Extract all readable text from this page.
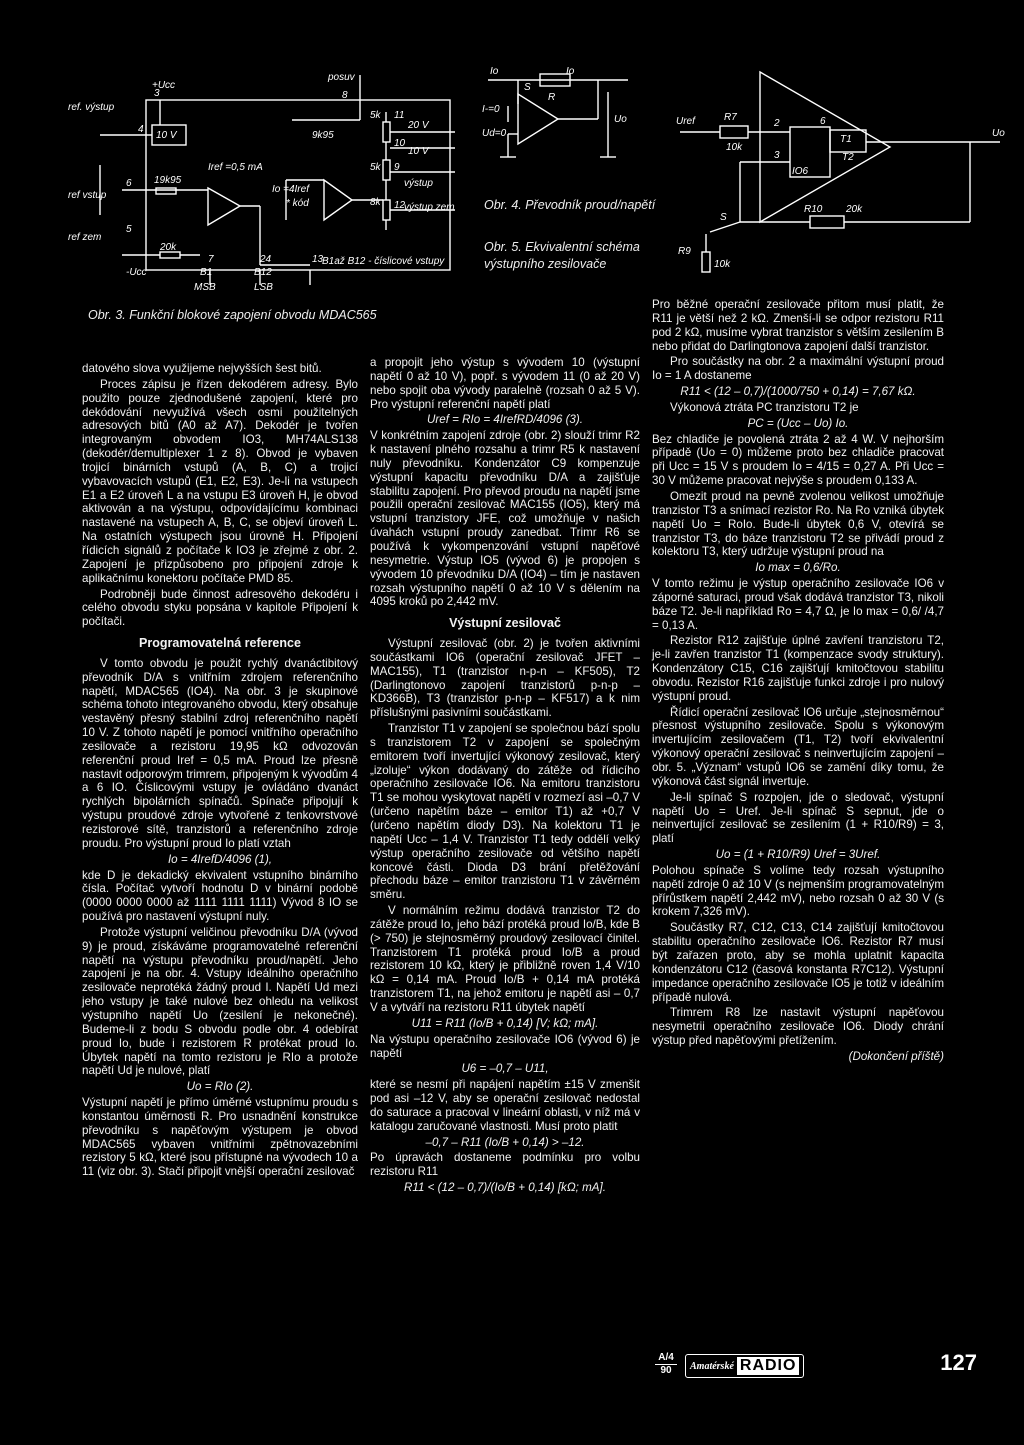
ref. výstup
ref vstup
ref zem
+Ucc
posuv
10 V
19k95
9k95
5k
5k
8k
20k
Iref =0,5 mA
Io =4Iref
* kód
20 V
10 V
výstup
výstup zem
-Ucc	B1	B12
MSB	LSB
B1až B12 - číslicové vstupy
3
4
6
5
7	24	13
8
11
10
9
12
Obr. 3. Funkční blokové zapojení obvodu MDAC565
Io	Io
S
R
I-=0
Ud=0
Uo
Obr. 4. Převodník proud/napětí
Obr. 5. Ekvivalentní schéma
výstupního zesilovače
Uref	R7
10k
IO6
T1
T2
Uo
S
R9
10k
R10 20k
2
3
6

datového slova využijeme nejvyšších šest bitů.

Proces zápisu je řízen dekodérem adresy. Bylo použito pouze zjednodušené zapojení, které pro dekódování nevyužívá všech osmi použitelných adresových bitů (A0 až A7). Dekodér je tvořen integrovaným obvodem IO3, MH74ALS138 (dekodér/demultiplexer 1 z 8). Obvod je vybaven trojicí binárních vstupů (A, B, C) a trojicí vybavovacích vstupů (E1, E2, E3). Je-li na vstupech E1 a E2 úroveň L a na vstupu E3 úroveň H, je obvod aktivován a na výstupu, odpovídajícímu kombinaci nastavené na vstupech A, B, C, se objeví úroveň L. Na ostatních výstupech jsou úrovně H. Připojení řídicích signálů z počítače k IO3 je zřejmé z obr. 2. Zapojení je přizpůsobeno pro připojení zdroje k aplikačnímu konektoru počítače PMD 85.

Podrobněji bude činnost adresového dekodéru i celého obvodu styku popsána v kapitole Připojení k počítači.

Programovatelná reference

V tomto obvodu je použit rychlý dvanáctibitový převodník D/A s vnitřním zdrojem referenčního napětí, MDAC565 (IO4). Na obr. 3 je skupinové schéma tohoto integrovaného obvodu, který obsahuje vestavěný přesný stabilní zdroj referenčního napětí 10 V. Z tohoto napětí je pomocí vnitřního operačního zesilovače a rezistoru 19,95 kΩ odvozován referenční proud Iref = 0,5 mA. Proud lze přesně nastavit odporovým trimrem, připojeným k vývodům 4 a 6 IO. Číslicovými vstupy je ovládáno dvanáct rychlých bipolárních spínačů. Spínače připojují k výstupu proudové zdroje vytvořené z tenkovrstvové rezistorové sítě, tranzistorů a referenčního zdroje proudu. Pro výstupní proud Io platí vztah

Io = 4IrefD/4096 (1),

kde D je dekadický ekvivalent vstupního binárního čísla. Počítač vytvoří hodnotu D v binární podobě (0000 0000 0000 až 1111 1111 1111) Vývod 8 IO se používá pro nastavení výstupní nuly.

Protože výstupní veličinou převodníku D/A (vývod 9) je proud, získáváme programovatelné referenční napětí na výstupu převodníku proud/napětí. Jeho zapojení je na obr. 4. Vstupy ideálního operačního zesilovače neprotéká žádný proud I. Napětí Ud mezi jeho vstupy je také nulové bez ohledu na velikost výstupního napětí Uo (zesilení je nekonečné). Budeme-li z bodu S obvodu podle obr. 4 odebírat proud Io, bude i rezistorem R protékat proud Io. Úbytek napětí na tomto rezistoru je RIo a protože napětí Ud je nulové, platí

Uo = RIo (2).

Výstupní napětí je přímo úměrné vstupnímu proudu s konstantou úměrnosti R. Pro usnadnění konstrukce převodníku s napěťovým výstupem je obvod MDAC565 vybaven vnitřními zpětnovazebními rezistory 5 kΩ, které jsou přístupné na vývodech 10 a 11 (viz obr. 3). Stačí připojit vnější operační zesilovač

a propojit jeho výstup s vývodem 10 (výstupní napětí 0 až 10 V), popř. s vývodem 11 (0 až 20 V) nebo spojit oba vývody paralelně (rozsah 0 až 5 V). Pro výstupní referenční napětí platí

Uref = RIo = 4IrefRD/4096 (3).

V konkrétním zapojení zdroje (obr. 2) slouží trimr R2 k nastavení plného rozsahu a trimr R5 k nastavení nuly převodníku. Kondenzátor C9 kompenzuje výstupní kapacitu převodníku D/A a zajišťuje stabilitu zapojení. Pro převod proudu na napětí jsme použili operační zesilovač MAC155 (IO5), který má vstupní tranzistory JFE, což umožňuje v našich úvahách vstupní proudy zanedbat. Trimr R6 se používá k vykompenzování vstupní napěťové nesymetrie. Výstup IO5 (vývod 6) je propojen s vývodem 10 převodníku D/A (IO4) – tím je nastaven rozsah výstupního napětí 0 až 10 V s dělením na 4095 kroků po 2,442 mV.

Výstupní zesilovač

Výstupní zesilovač (obr. 2) je tvořen aktivními součástkami IO6 (operační zesilovač JFET – MAC155), T1 (tranzistor n-p-n – KF505), T2 (Darlingtonovo zapojení tranzistorů p-n-p – KD366B), T3 (tranzistor p-n-p – KF517) a k nim příslušnými pasivními součástkami.

Tranzistor T1 v zapojení se společnou bází spolu s tranzistorem T2 v zapojení se společným emitorem tvoří invertující výkonový zesilovač, který „izoluje“ výkon dodávaný do zátěže od řídicího operačního zesilovače IO6. Na emitoru tranzistoru T1 se mohou vyskytovat napětí v rozmezí asi –0,7 V (určeno napětím báze – emitor T1) až +0,7 V (určeno napětím diody D3). Na kolektoru T1 je napětí Ucc – 1,4 V. Tranzistor T1 tedy oddělí velký výstup operačního zesilovače od většího napětí koncové části. Dioda D3 brání přetěžování přechodu báze – emitor tranzistoru T1 v závěrném směru.

V normálním režimu dodává tranzistor T2 do zátěže proud Io, jeho bází protéká proud Io/B, kde B (> 750) je stejnosměrný proudový zesilovací činitel. Tranzistorem T1 protéká proud Io/B a proud rezistorem 10 kΩ, který je přibližně roven 1,4 V/10 kΩ = 0,14 mA. Proud Io/B + 0,14 mA protéká tranzistorem T1, na jehož emitoru je napětí asi – 0,7 V a vytváří na rezistoru R11 úbytek napětí

U11 = R11 (Io/B + 0,14) [V; kΩ; mA].

Na výstupu operačního zesilovače IO6 (vývod 6) je napětí

U6 = –0,7 – U11,

které se nesmí při napájení napětím ±15 V zmenšit pod asi –12 V, aby se operační zesilovač nedostal do saturace a pracoval v lineární oblasti, v níž má v katalogu zaručované vlastnosti. Musí proto platit

–0,7 – R11 (Io/B + 0,14) > –12.

Po úpravách dostaneme podmínku pro volbu rezistoru R11

R11 < (12 – 0,7)/(Io/B + 0,14) [kΩ; mA].

Pro běžné operační zesilovače přitom musí platit, že R11 je větší než 2 kΩ. Zmenší-li se odpor rezistoru R11 pod 2 kΩ, musíme vybrat tranzistor s větším zesilením B nebo přidat do Darlingtonova zapojení další tranzistor.

Pro součástky na obr. 2 a maximální výstupní proud Io = 1 A dostaneme

R11 < (12 – 0,7)/(1000/750 + 0,14) = 7,67 kΩ.

Výkonová ztráta PC tranzistoru T2 je

PC = (Ucc – Uo) Io.

Bez chladiče je povolená ztráta 2 až 4 W. V nejhorším případě (Uo = 0) můžeme proto bez chladiče pracovat při Ucc = 15 V s proudem Io = 4/15 = 0,27 A. Při Ucc = 30 V můžeme pracovat nejvýše s proudem 0,133 A.

Omezit proud na pevně zvolenou velikost umožňuje tranzistor T3 a snímací rezistor Ro. Na Ro vzniká úbytek napětí Uo = RoIo. Bude-li úbytek 0,6 V, otevírá se tranzistor T3, do báze tranzistoru T2 se přivádí proud z kolektoru T3, který udržuje výstupní proud na

Io max = 0,6/Ro.

V tomto režimu je výstup operačního zesilovače IO6 v záporné saturaci, proud však dodává tranzistor T3, nikoli báze T2. Je-li například Ro = 4,7 Ω, je Io max = 0,6/ /4,7 = 0,13 A.

Rezistor R12 zajišťuje úplné zavření tranzistoru T2, je-li zavřen tranzistor T1 (kompenzace svody struktury). Kondenzátory C15, C16 zajišťují kmitočtovou stabilitu obvodu. Rezistor R16 zajišťuje funkci zdroje i pro nulový výstupní proud.

Řídicí operační zesilovač IO6 určuje „stejnosměrnou“ přesnost výstupního zesilovače. Spolu s výkonovým invertujícím zesilovačem (T1, T2) tvoří ekvivalentní výkonový operační zesilovač s neinvertujícím zapojení – obr. 5. „Význam“ vstupů IO6 se zamění díky tomu, že výkonová část signál invertuje.

Je-li spínač S rozpojen, jde o sledovač, výstupní napětí Uo = Uref. Je-li spínač S sepnut, jde o neinvertující zesilovač se zesílením (1 + R10/R9) = 3, platí

Uo = (1 + R10/R9) Uref = 3Uref.

Polohou spínače S volíme tedy rozsah výstupního napětí zdroje 0 až 10 V (s nejmenším programovatelným přírůstkem napětí 2,442 mV), nebo rozsah 0 až 30 V (s krokem 7,326 mV).

Součástky R7, C12, C13, C14 zajišťují kmitočtovou stabilitu operačního zesilovače IO6. Rezistor R7 musí být zařazen proto, aby se mohla uplatnit kapacita kondenzátoru C12 (časová konstanta R7C12). Výstupní impedance operačního zesilovače IO5 je totiž v ideálním případě nulová.

Trimrem R8 lze nastavit výstupní napěťovou nesymetrii operačního zesilovače IO6. Diody chrání výstup před napěťovými přetížením.

(Dokončení příště)

A/4
90	Amatérské RADIO	127
